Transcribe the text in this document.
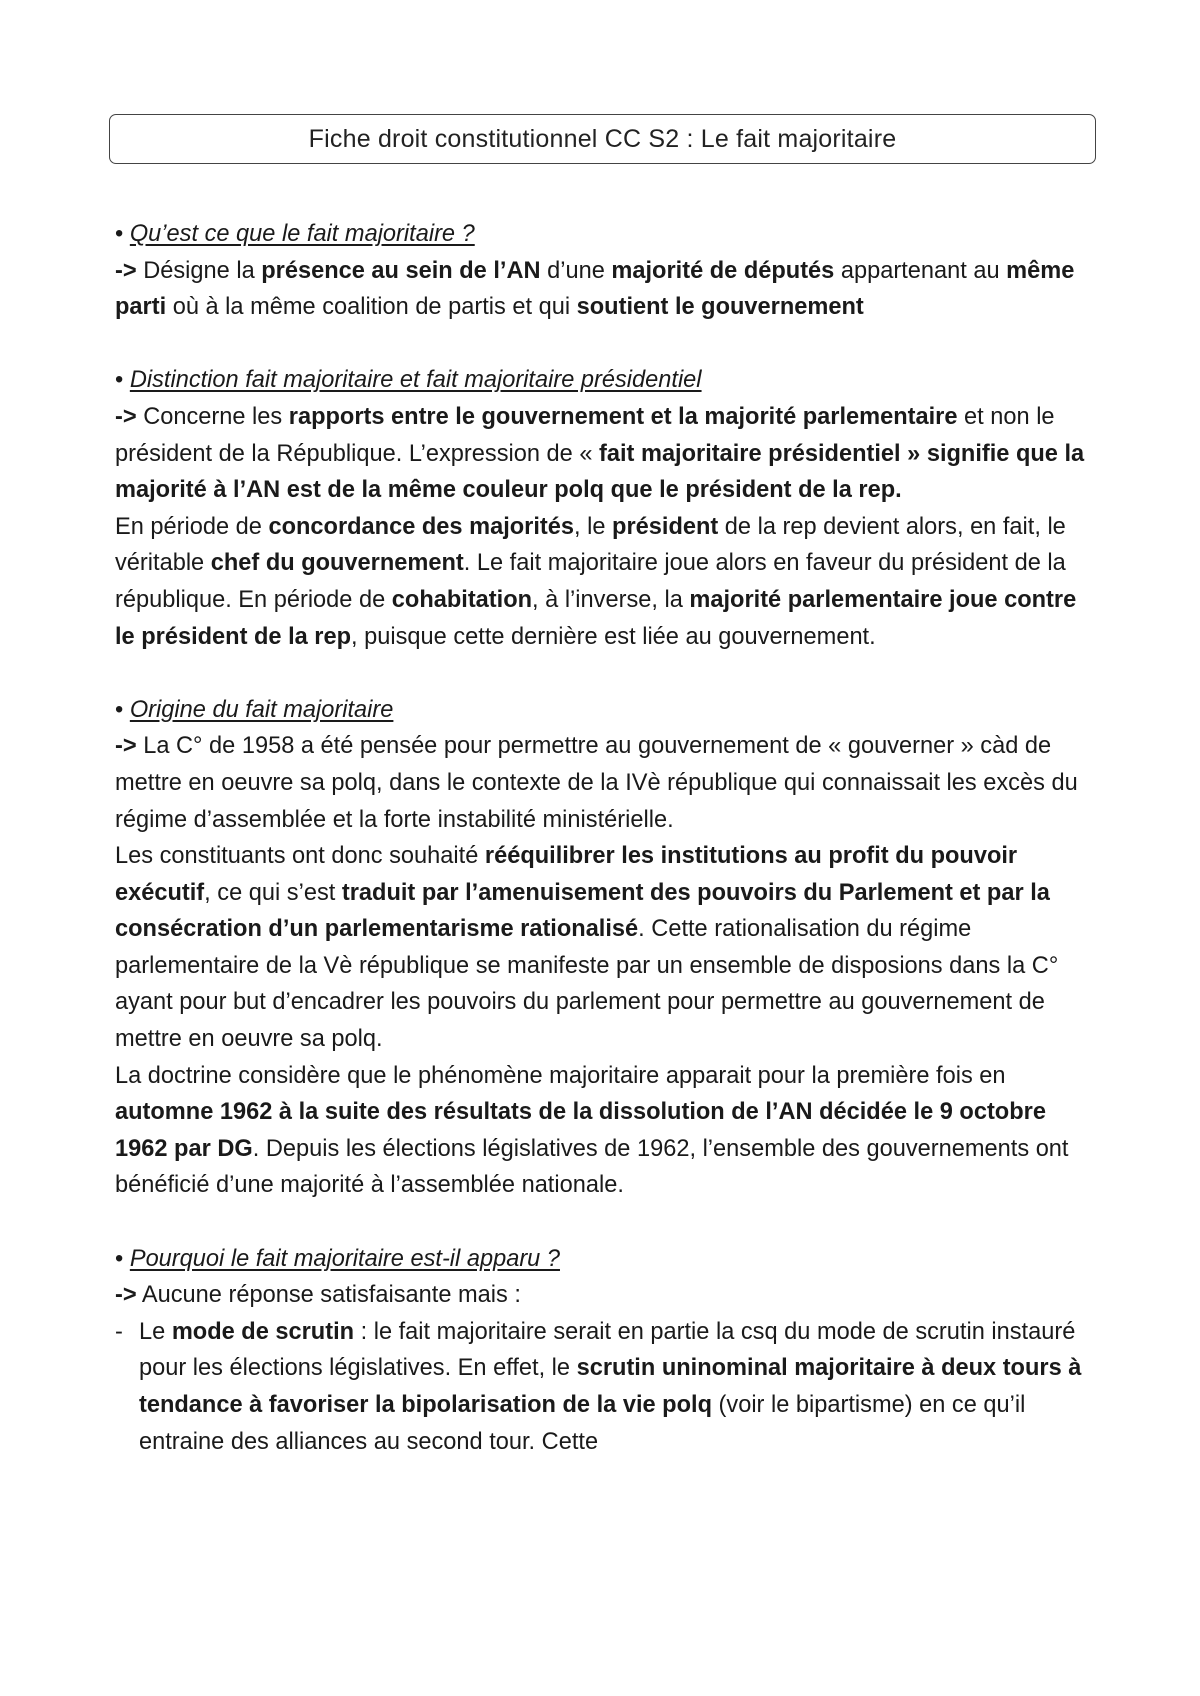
Fiche droit constitutionnel CC S2 : Le fait majoritaire

• Qu’est ce que le fait majoritaire ?

-> Désigne la présence au sein de l’AN d’une majorité de députés appartenant au même parti où à la même coalition de partis et qui soutient le gouvernement

• Distinction fait majoritaire et fait majoritaire présidentiel

-> Concerne les rapports entre le gouvernement et la majorité parlementaire et non le président de la République. L’expression de « fait majoritaire présidentiel » signifie que la majorité à l’AN est de la même couleur polq que le président de la rep.

En période de concordance des majorités, le président de la rep devient alors, en fait, le véritable chef du gouvernement. Le fait majoritaire joue alors en faveur du président de la république. En période de cohabitation, à l’inverse, la majorité parlementaire joue contre le président de la rep, puisque cette dernière est liée au gouvernement.

• Origine du fait majoritaire

-> La C° de 1958 a été pensée pour permettre au gouvernement de « gouverner » càd de mettre en oeuvre sa polq, dans le contexte de la IVè république qui connaissait les excès du régime d’assemblée et la forte instabilité ministérielle.

Les constituants ont donc souhaité rééquilibrer les institutions au profit du pouvoir exécutif, ce qui s’est traduit par l’amenuisement des pouvoirs du Parlement et par la consécration d’un parlementarisme rationalisé. Cette rationalisation du régime parlementaire de la Vè république se manifeste par un ensemble de disposions dans la C° ayant pour but d’encadrer les pouvoirs du parlement pour permettre au gouvernement de mettre en oeuvre sa polq.

La doctrine considère que le phénomène majoritaire apparait pour la première fois en automne 1962 à la suite des résultats de la dissolution de l’AN décidée le 9 octobre 1962 par DG. Depuis les élections législatives de 1962, l’ensemble des gouvernements ont bénéficié d’une majorité à l’assemblée nationale.

• Pourquoi le fait majoritaire est-il apparu ?

-> Aucune réponse satisfaisante mais :

- Le mode de scrutin : le fait majoritaire serait en partie la csq du mode de scrutin instauré pour les élections législatives. En effet, le scrutin uninominal majoritaire à deux tours à tendance à favoriser la bipolarisation de la vie polq (voir le bipartisme) en ce qu’il entraine des alliances au second tour. Cette
